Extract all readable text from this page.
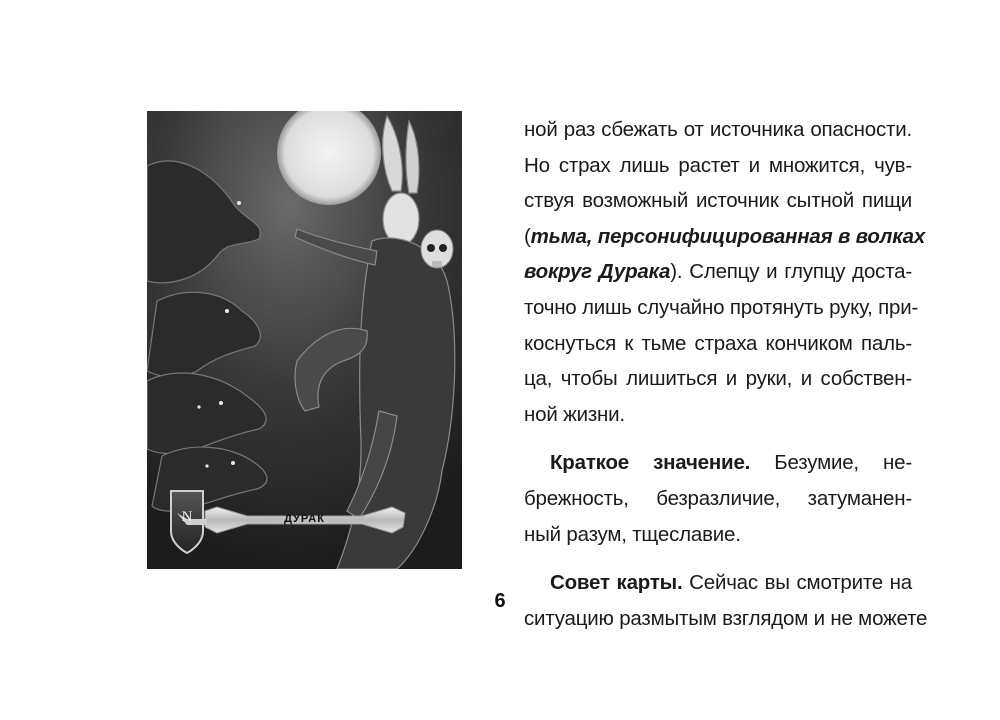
N	ДУРАК
ной раз сбежать от источника опасности.
Но страх лишь растет и множится, чув-
ствуя возможный источник сытной пищи
(тьма, персонифицированная в волках
вокруг Дурака). Слепцу и глупцу доста-
точно лишь случайно протянуть руку, при-
коснуться к тьме страха кончиком паль-
ца, чтобы лишиться и руки, и собствен-
ной жизни.
Краткое значение. Безумие, не-
брежность, безразличие, затуманен-
ный разум, тщеславие.
Совет карты. Сейчас вы смотрите на
ситуацию размытым взглядом и не можете
6
